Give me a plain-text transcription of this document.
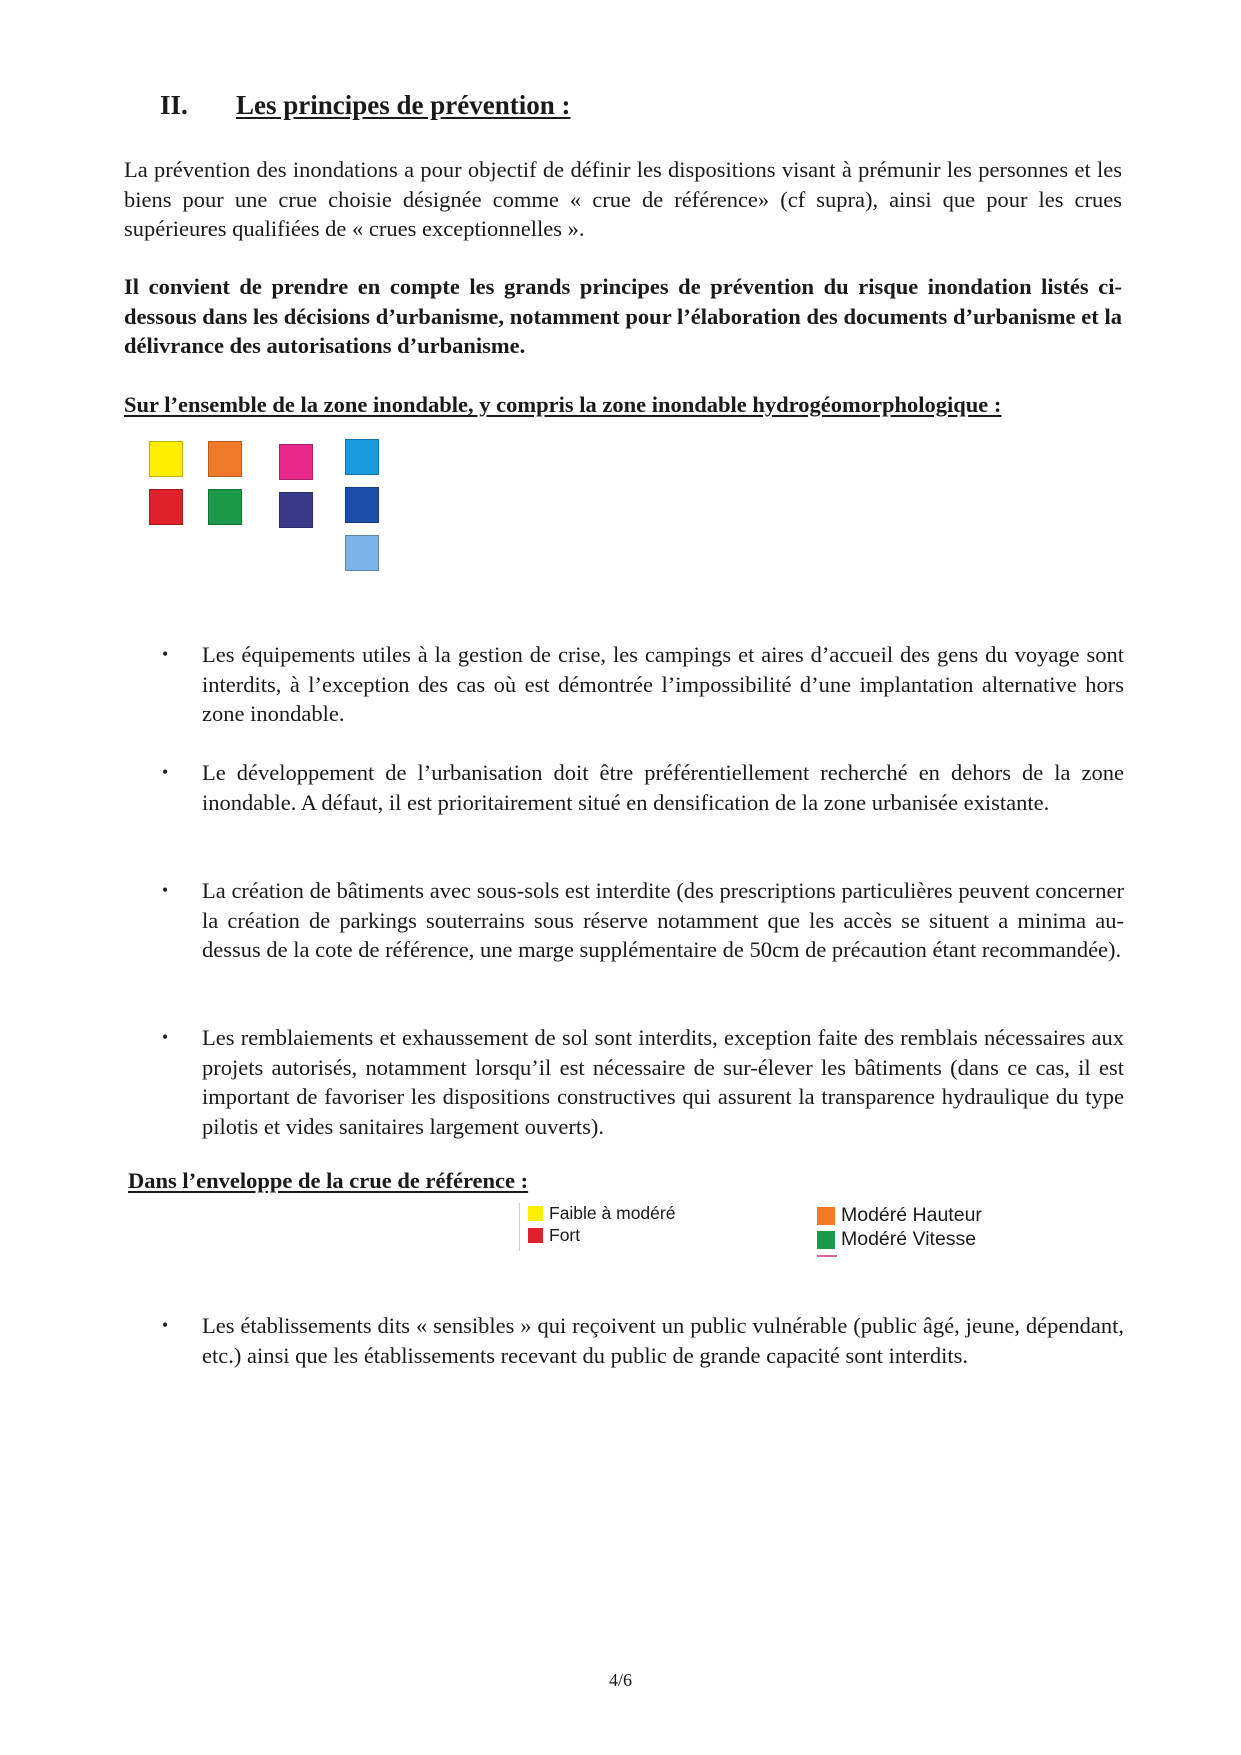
II.	Les principes de prévention :

La prévention des inondations a pour objectif de définir les dispositions visant à prémunir les personnes et les biens pour une crue choisie désignée comme « crue de référence» (cf supra), ainsi que pour les crues supérieures qualifiées de « crues exceptionnelles ».

Il convient de prendre en compte les grands principes de prévention du risque inondation listés ci-dessous dans les décisions d’urbanisme, notamment pour l’élaboration des documents d’urbanisme et la délivrance des autorisations d’urbanisme.

Sur l’ensemble de la zone inondable, y compris la zone inondable hydrogéomorphologique :

•	Les équipements utiles à la gestion de crise, les campings et aires d’accueil des gens du voyage sont interdits, à l’exception des cas où est démontrée l’impossibilité d’une implantation alternative hors zone inondable.
•	Le développement de l’urbanisation doit être préférentiellement recherché en dehors de la zone inondable. A défaut, il est prioritairement situé en densification de la zone urbanisée existante.
•	La création de bâtiments avec sous-sols est interdite (des prescriptions particulières peuvent concerner la création de parkings souterrains sous réserve notamment que les accès se situent a minima au-dessus de la cote de référence, une marge supplémentaire de 50cm de précaution étant recommandée).
•	Les remblaiements et exhaussement de sol sont interdits, exception faite des remblais nécessaires aux projets autorisés, notamment lorsqu’il est nécessaire de sur-élever les bâtiments (dans ce cas, il est important de favoriser les dispositions constructives qui assurent la transparence hydraulique du type pilotis et vides sanitaires largement ouverts).

Dans l’enveloppe de la crue de référence :

Faible à modéré
Fort
Modéré Hauteur
Modéré Vitesse
•	Les établissements dits « sensibles » qui reçoivent un public vulnérable (public âgé, jeune, dépendant, etc.) ainsi que les établissements recevant du public de grande capacité sont interdits.
4/6
